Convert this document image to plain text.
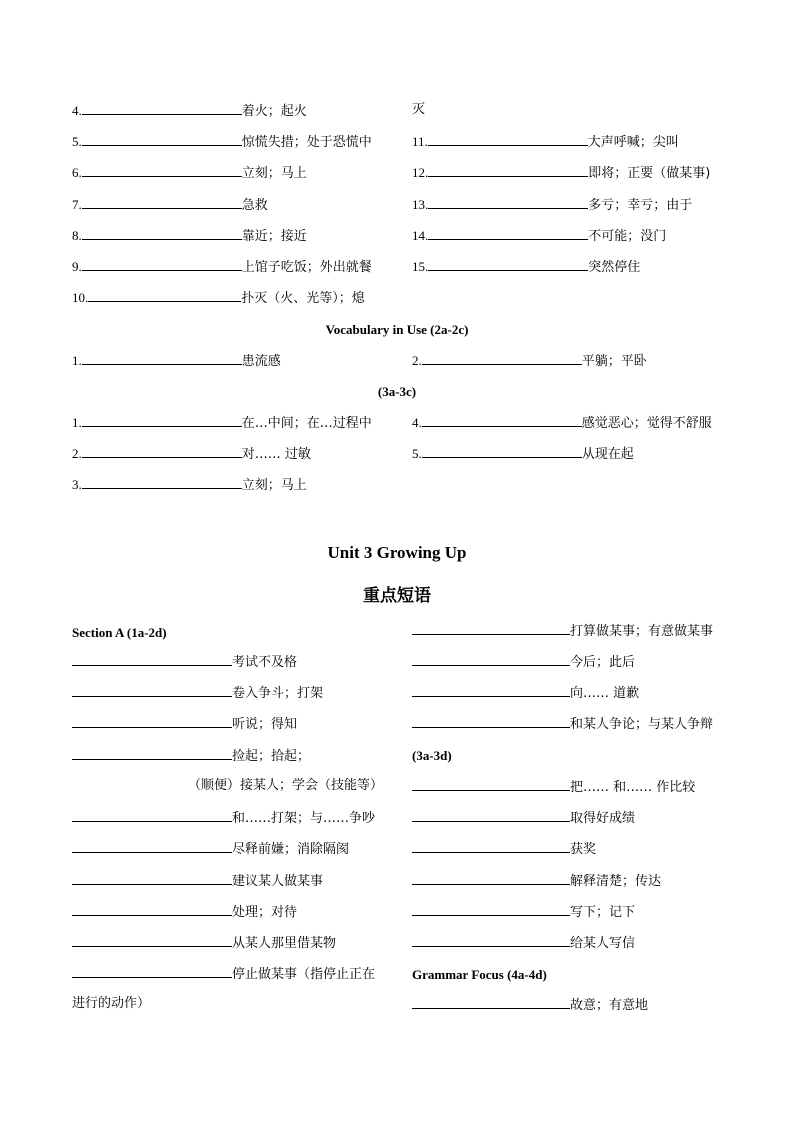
4.	着火；起火
5.	惊慌失措；处于恐慌中
6.	立刻；马上
7.	急救
8.	靠近；接近
9.	上馆子吃饭；外出就餐
10.	扑灭（火、光等）；熄
灭
11.	大声呼喊；尖叫
12.	即将；正要（做某事)
13.	多亏；幸亏；由于
14.	不可能；没门
15.	突然停住
Vocabulary in Use (2a-2c)
1.	患流感	2.	平躺；平卧
(3a-3c)
1.	在…中间；在…过程中
2.	对…… 过敏
3.	立刻；马上
4.	感觉恶心；觉得不舒服
5.	从现在起
Unit 3 Growing Up
重点短语
Section A (1a-2d)
考试不及格
卷入争斗；打架
听说；得知
捡起；拾起；
（顺便）接某人；学会（技能等）
和……打架；与……争吵
尽释前嫌；消除隔阂
建议某人做某事
处理；对待
从某人那里借某物
停止做某事（指停止正在
进行的动作）
打算做某事；有意做某事
今后；此后
向…… 道歉
和某人争论；与某人争辩
(3a-3d)
把…… 和…… 作比较
取得好成绩
获奖
解释清楚；传达
写下；记下
给某人写信
Grammar Focus (4a-4d)
故意；有意地
